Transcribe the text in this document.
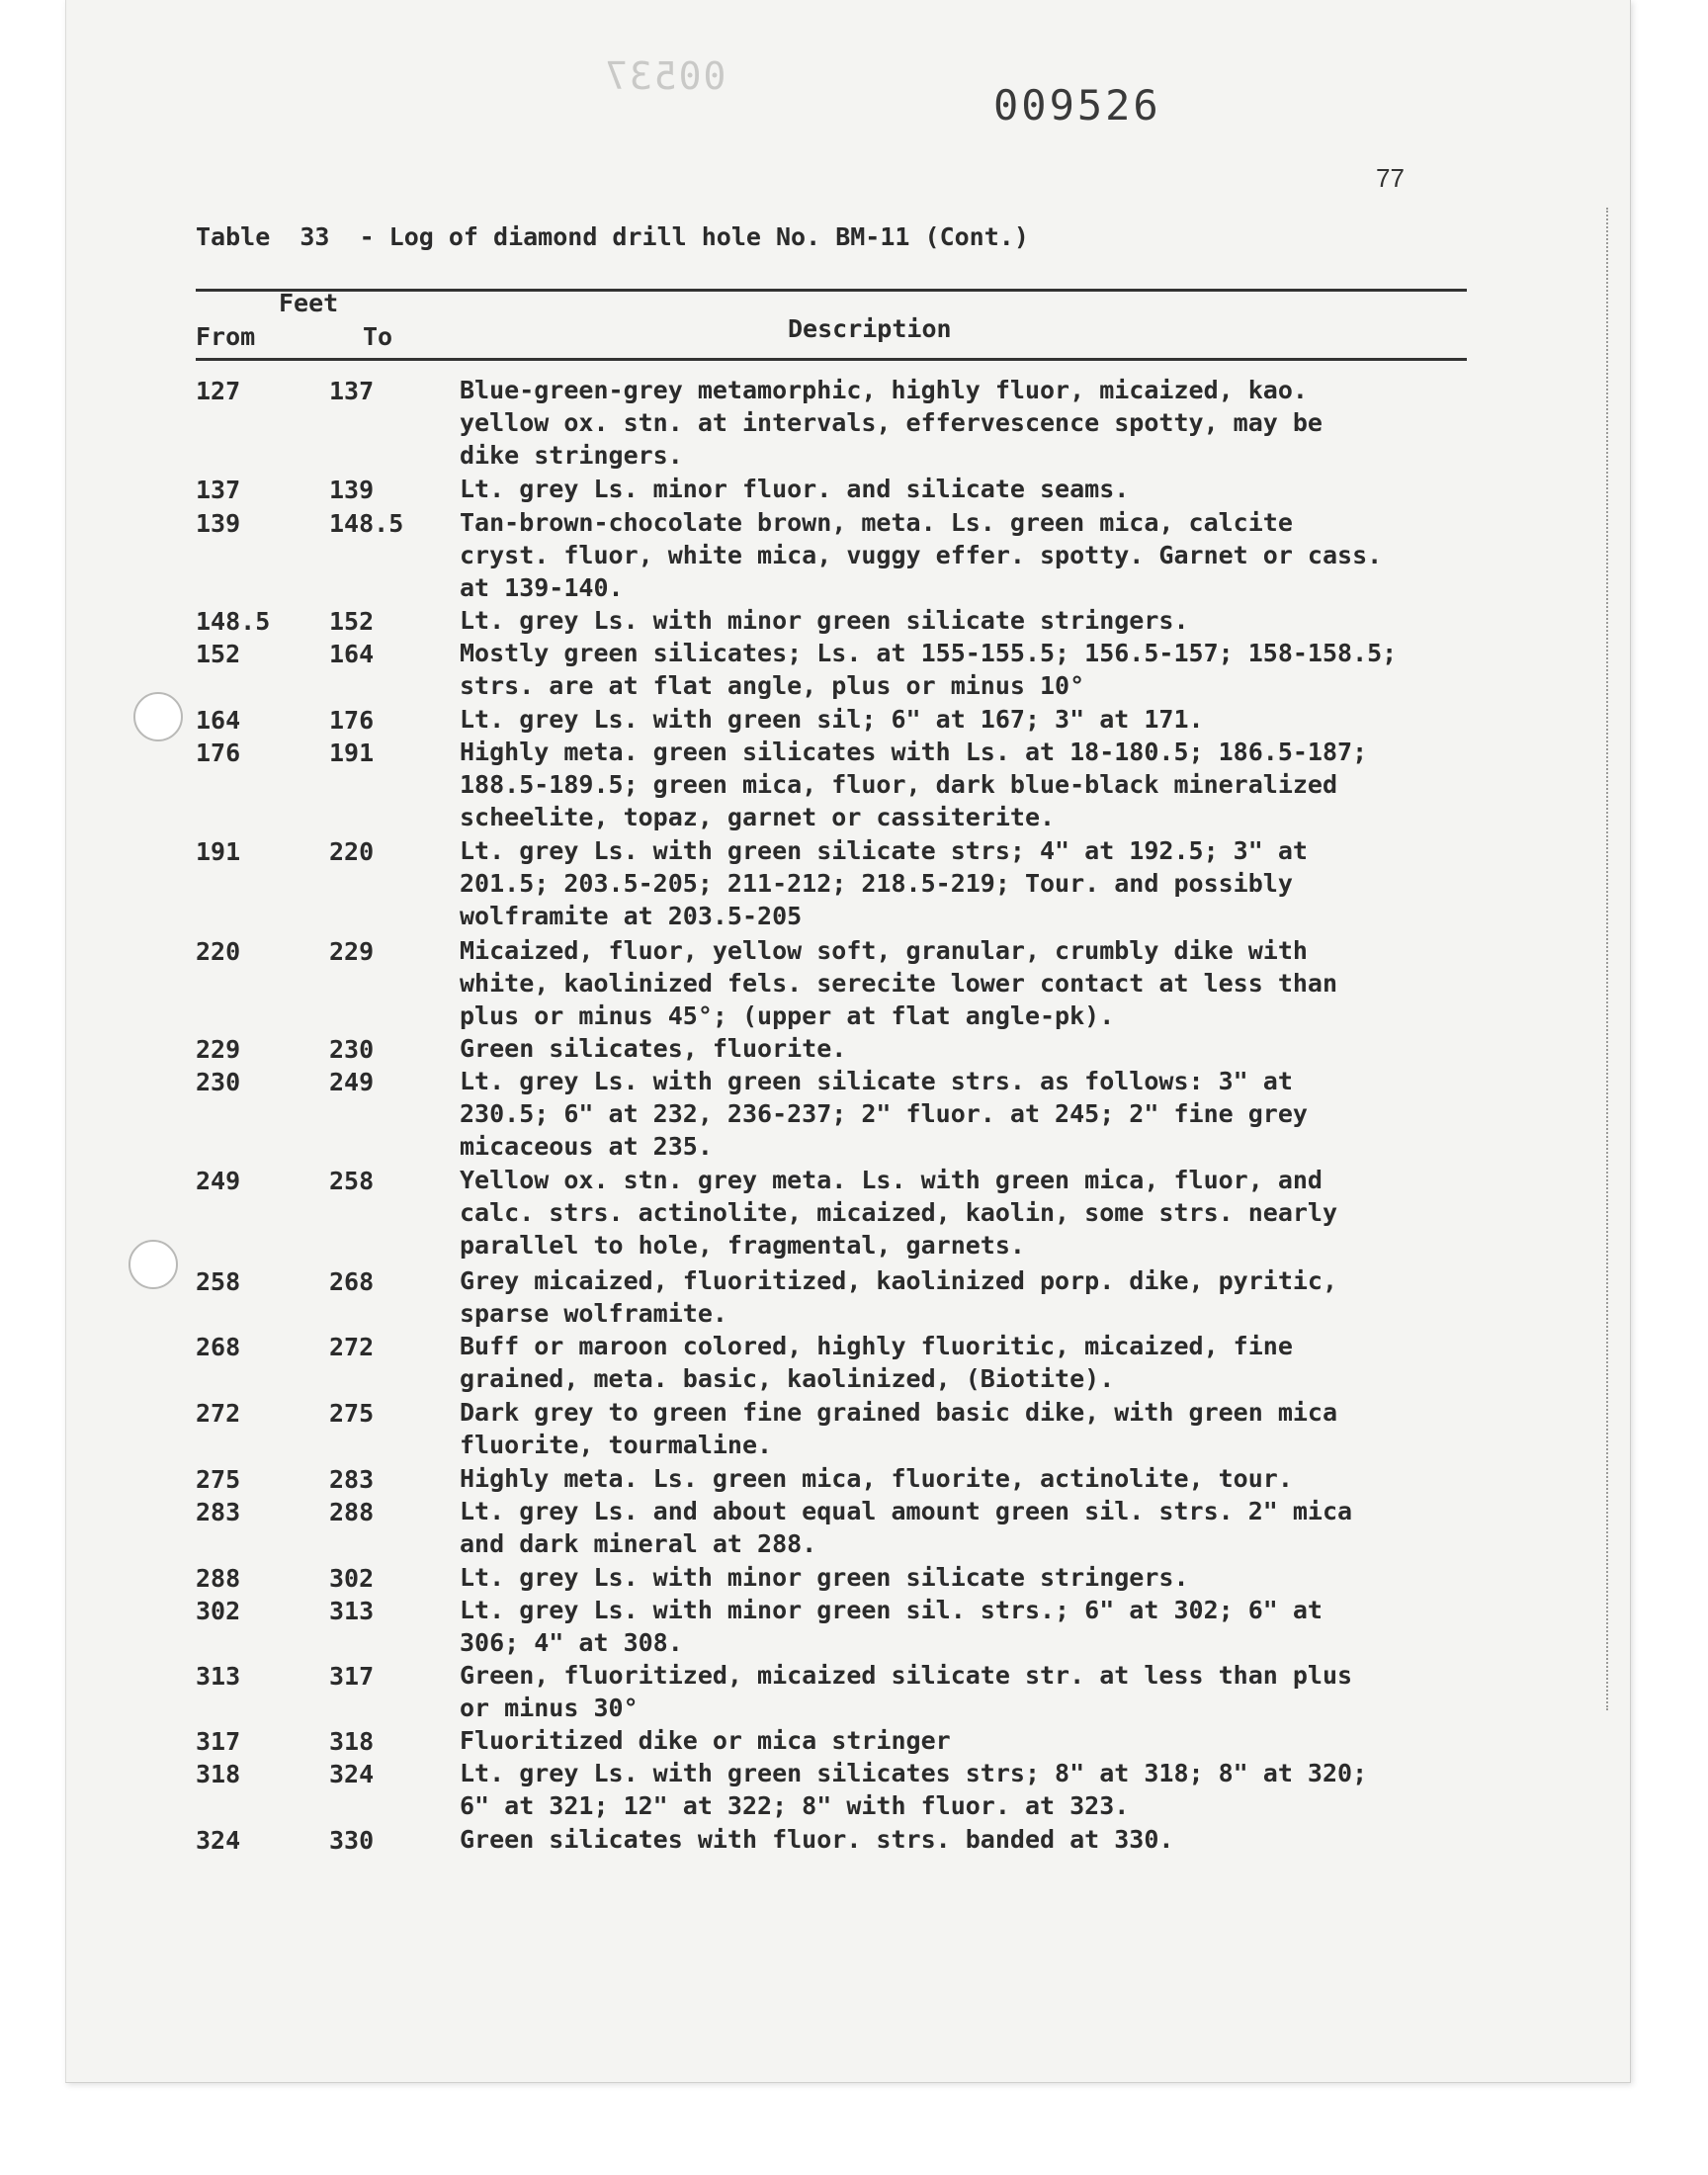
00537
009526
77
Table  33  - Log of diamond drill hole No. BM-11 (Cont.)
Feet
From	To	Description
127	137	Blue-green-grey metamorphic, highly fluor, micaized, kao.
yellow ox. stn. at intervals, effervescence spotty, may be
dike stringers.
137	139	Lt. grey Ls. minor fluor. and silicate seams.
139	148.5 Tan-brown-chocolate brown, meta. Ls. green mica, calcite
cryst. fluor, white mica, vuggy effer. spotty. Garnet or cass.
at 139-140.
148.5 152	Lt. grey Ls. with minor green silicate stringers.
152	164	Mostly green silicates; Ls. at 155-155.5; 156.5-157; 158-158.5;
strs. are at flat angle, plus or minus 10°
164	176	Lt. grey Ls. with green sil; 6" at 167; 3" at 171.
176	191	Highly meta. green silicates with Ls. at 18-180.5; 186.5-187;
188.5-189.5; green mica, fluor, dark blue-black mineralized
scheelite, topaz, garnet or cassiterite.
191	220	Lt. grey Ls. with green silicate strs; 4" at 192.5; 3" at
201.5; 203.5-205; 211-212; 218.5-219; Tour. and possibly
wolframite at 203.5-205
220	229	Micaized, fluor, yellow soft, granular, crumbly dike with
white, kaolinized fels. serecite lower contact at less than
plus or minus 45°; (upper at flat angle-pk).
229	230	Green silicates, fluorite.
230	249	Lt. grey Ls. with green silicate strs. as follows: 3" at
230.5; 6" at 232, 236-237; 2" fluor. at 245; 2" fine grey
micaceous at 235.
249	258	Yellow ox. stn. grey meta. Ls. with green mica, fluor, and
calc. strs. actinolite, micaized, kaolin, some strs. nearly
parallel to hole, fragmental, garnets.
258	268	Grey micaized, fluoritized, kaolinized porp. dike, pyritic,
sparse wolframite.
268	272	Buff or maroon colored, highly fluoritic, micaized, fine
grained, meta. basic, kaolinized, (Biotite).
272	275	Dark grey to green fine grained basic dike, with green mica
fluorite, tourmaline.
275	283	Highly meta. Ls. green mica, fluorite, actinolite, tour.
283	288	Lt. grey Ls. and about equal amount green sil. strs. 2" mica
and dark mineral at 288.
288	302	Lt. grey Ls. with minor green silicate stringers.
302	313	Lt. grey Ls. with minor green sil. strs.; 6" at 302; 6" at
306; 4" at 308.
313	317	Green, fluoritized, micaized silicate str. at less than plus
or minus 30°
317	318	Fluoritized dike or mica stringer
318	324	Lt. grey Ls. with green silicates strs; 8" at 318; 8" at 320;
6" at 321; 12" at 322; 8" with fluor. at 323.
324	330	Green silicates with fluor. strs. banded at 330.
